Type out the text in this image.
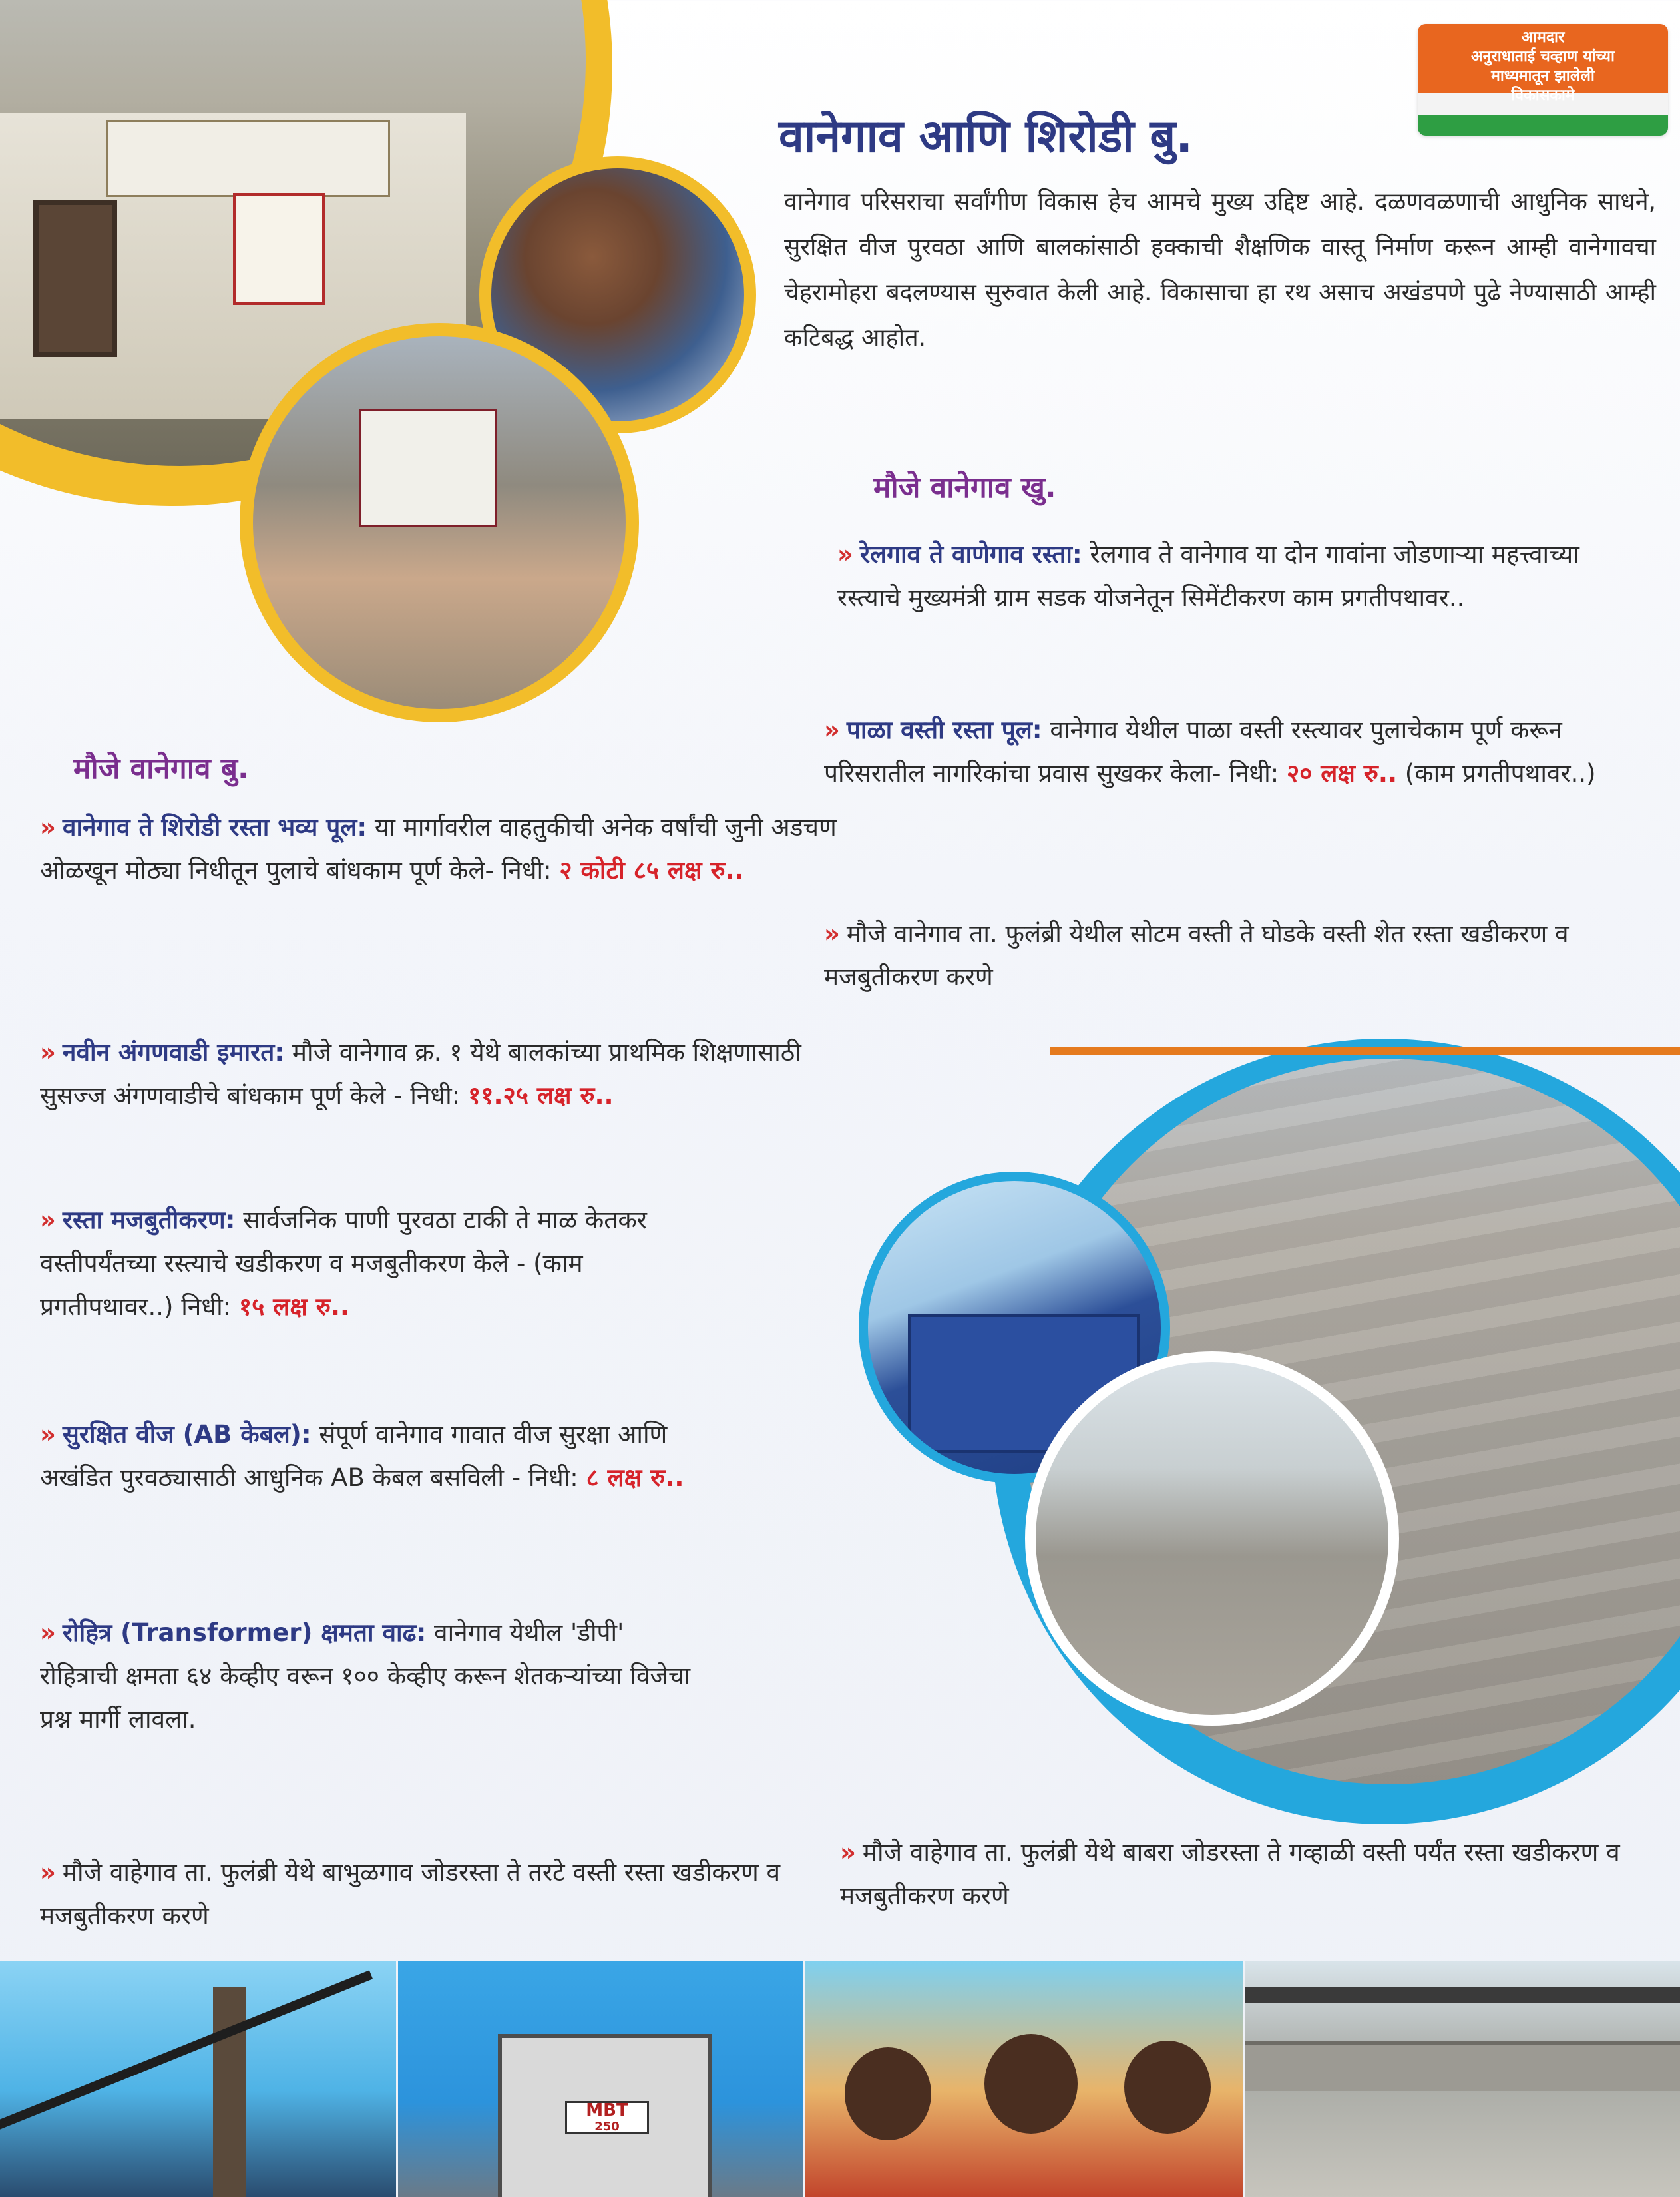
आमदार
अनुराधाताई चव्हाण यांच्या
माध्यमातून झालेली
विकासकामे

वानेगाव आणि शिरोडी बु.

वानेगाव परिसराचा सर्वांगीण विकास हेच आमचे मुख्य उद्दिष्ट आहे. दळणवळणाची आधुनिक साधने, सुरक्षित वीज पुरवठा आणि बालकांसाठी हक्काची शैक्षणिक वास्तू निर्माण करून आम्ही वानेगावचा चेहरामोहरा बदलण्यास सुरुवात केली आहे. विकासाचा हा रथ असाच अखंडपणे पुढे नेण्यासाठी आम्ही कटिबद्ध आहोत.

मौजे वानेगाव खु.

» रेलगाव ते वाणेगाव रस्ता: रेलगाव ते वानेगाव या दोन गावांना जोडणाऱ्या महत्त्वाच्या रस्त्याचे मुख्यमंत्री ग्राम सडक योजनेतून सिमेंटीकरण काम प्रगतीपथावर..

» पाळा वस्ती रस्ता पूल: वानेगाव येथील पाळा वस्ती रस्त्यावर पुलाचेकाम पूर्ण करून परिसरातील नागरिकांचा प्रवास सुखकर केला- निधी: २० लक्ष रु.. (काम प्रगतीपथावर..)

» मौजे वानेगाव ता. फुलंब्री येथील सोटम वस्ती ते घोडके वस्ती शेत रस्ता खडीकरण व मजबुतीकरण करणे

मौजे वानेगाव बु.

» वानेगाव ते शिरोडी रस्ता भव्य पूल: या मार्गावरील वाहतुकीची अनेक वर्षांची जुनी अडचण ओळखून मोठ्या निधीतून पुलाचे बांधकाम पूर्ण केले- निधी: २ कोटी ८५ लक्ष रु..

» नवीन अंगणवाडी इमारत: मौजे वानेगाव क्र. १ येथे बालकांच्या प्राथमिक शिक्षणासाठी सुसज्ज अंगणवाडीचे बांधकाम पूर्ण केले - निधी: ११.२५ लक्ष रु..

» रस्ता मजबुतीकरण: सार्वजनिक पाणी पुरवठा टाकी ते माळ केतकर वस्तीपर्यंतच्या रस्त्याचे खडीकरण व मजबुतीकरण केले - (काम प्रगतीपथावर..) निधी: १५ लक्ष रु..

» सुरक्षित वीज (AB केबल): संपूर्ण वानेगाव गावात वीज सुरक्षा आणि अखंडित पुरवठ्यासाठी आधुनिक AB केबल बसविली - निधी: ८ लक्ष रु..

» रोहित्र (Transformer) क्षमता वाढ: वानेगाव येथील 'डीपी' रोहित्राची क्षमता ६४ केव्हीए वरून १०० केव्हीए करून शेतकऱ्यांच्या विजेचा प्रश्न मार्गी लावला.

» मौजे वाहेगाव ता. फुलंब्री येथे बाभुळगाव जोडरस्ता ते तरटे वस्ती रस्ता खडीकरण व मजबुतीकरण करणे

» मौजे वाहेगाव ता. फुलंब्री येथे बाबरा जोडरस्ता ते गव्हाळी वस्ती पर्यंत रस्ता खडीकरण व मजबुतीकरण करणे

MBT
250
